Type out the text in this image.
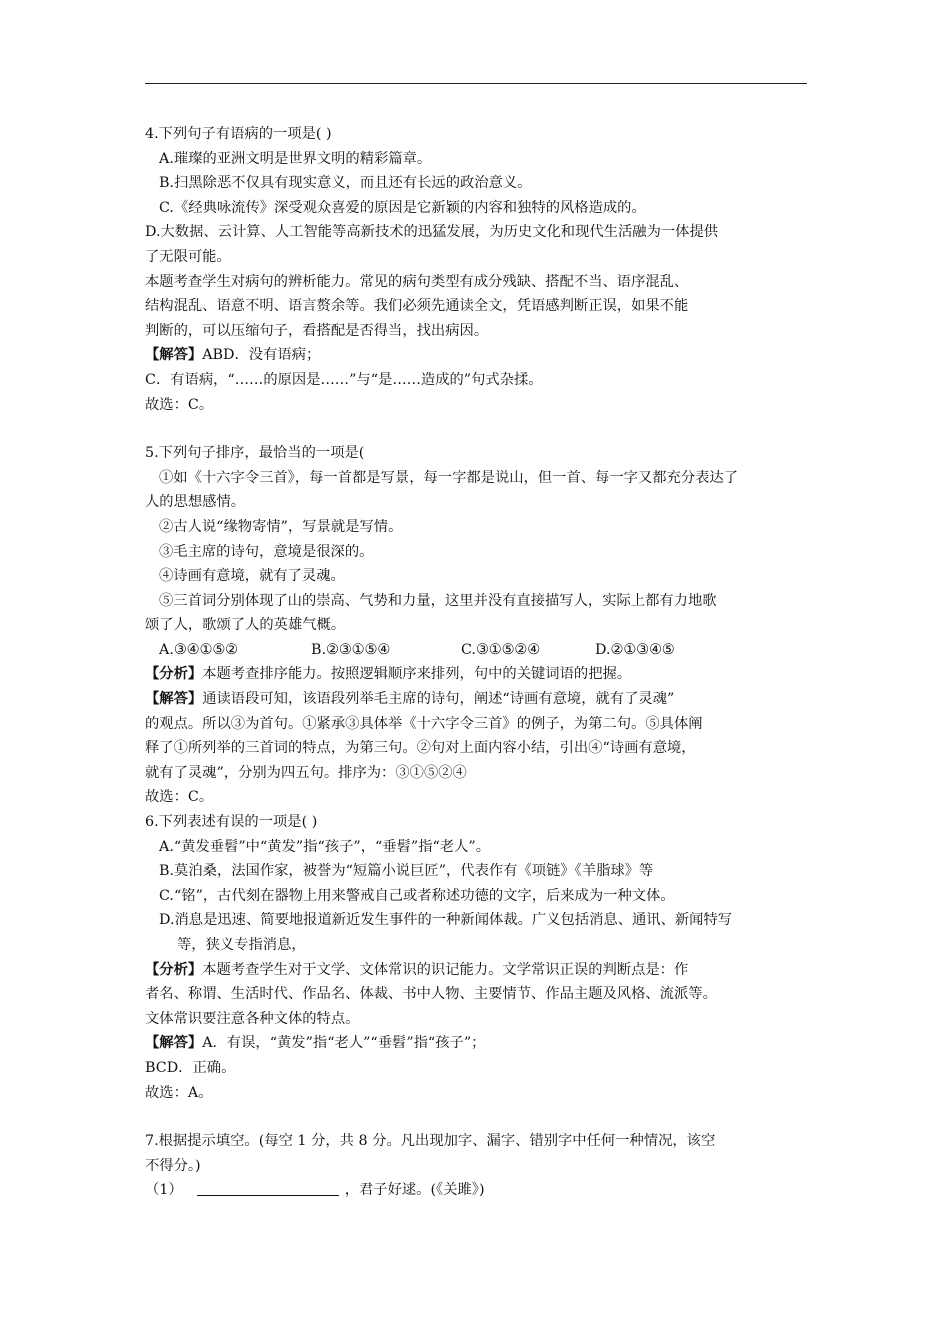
4.下列句子有语病的一项是( )
A.璀璨的亚洲文明是世界文明的精彩篇章。
B.扫黑除恶不仅具有现实意义，而且还有长远的政治意义。
C.《经典咏流传》深受观众喜爱的原因是它新颖的内容和独特的风格造成的。
D.大数据、云计算、人工智能等高新技术的迅猛发展，为历史文化和现代生活融为一体提供
了无限可能。
本题考查学生对病句的辨析能力。常见的病句类型有成分残缺、搭配不当、语序混乱、
结构混乱、语意不明、语言赘余等。我们必须先通读全文，凭语感判断正误，如果不能
判断的，可以压缩句子，看搭配是否得当，找出病因。
【解答】ABD．没有语病；
C．有语病，“……的原因是……”与“是……造成的”句式杂揉。
故选：C。
5.下列句子排序，最恰当的一项是(
①如《十六字令三首》，每一首都是写景，每一字都是说山，但一首、每一字又都充分表达了
人的思想感情。
②古人说“缘物寄情”，写景就是写情。
③毛主席的诗句，意境是很深的。
④诗画有意境，就有了灵魂。
⑤三首词分别体现了山的崇高、气势和力量，这里并没有直接描写人，实际上都有力地歌
颂了人，歌颂了人的英雄气概。
A.③④①⑤②	B.②③①⑤④	C.③①⑤②④	D.②①③④⑤
【分析】本题考查排序能力。按照逻辑顺序来排列，句中的关键词语的把握。
【解答】通读语段可知，该语段列举毛主席的诗句，阐述“诗画有意境，就有了灵魂”
的观点。所以③为首句。①紧承③具体举《十六字令三首》的例子，为第二句。⑤具体阐
释了①所列举的三首词的特点，为第三句。②句对上面内容小结，引出④“诗画有意境，
就有了灵魂”，分别为四五句。排序为：③①⑤②④
故选：C。
6.下列表述有误的一项是( )
A.“黄发垂髫”中“黄发”指“孩子”，“垂髫”指“老人”。
B.莫泊桑，法国作家，被誉为“短篇小说巨匠”，代表作有《项链》《羊脂球》等
C.“铭”，古代刻在器物上用来警戒自己或者称述功德的文字，后来成为一种文体。
D.消息是迅速、简要地报道新近发生事件的一种新闻体裁。广义包括消息、通讯、新闻特写
等，狭义专指消息，
【分析】本题考查学生对于文学、文体常识的识记能力。文学常识正误的判断点是：作
者名、称谓、生活时代、作品名、体裁、书中人物、主要情节、作品主题及风格、流派等。
文体常识要注意各种文体的特点。
【解答】A．有误，“黄发”指“老人”“垂髫”指“孩子”；
BCD．正确。
故选：A。
7.根据提示填空。(每空 1 分，共 8 分。凡出现加字、漏字、错别字中任何一种情况，该空
不得分。)
（1）	，君子好逑。(《关雎》)
